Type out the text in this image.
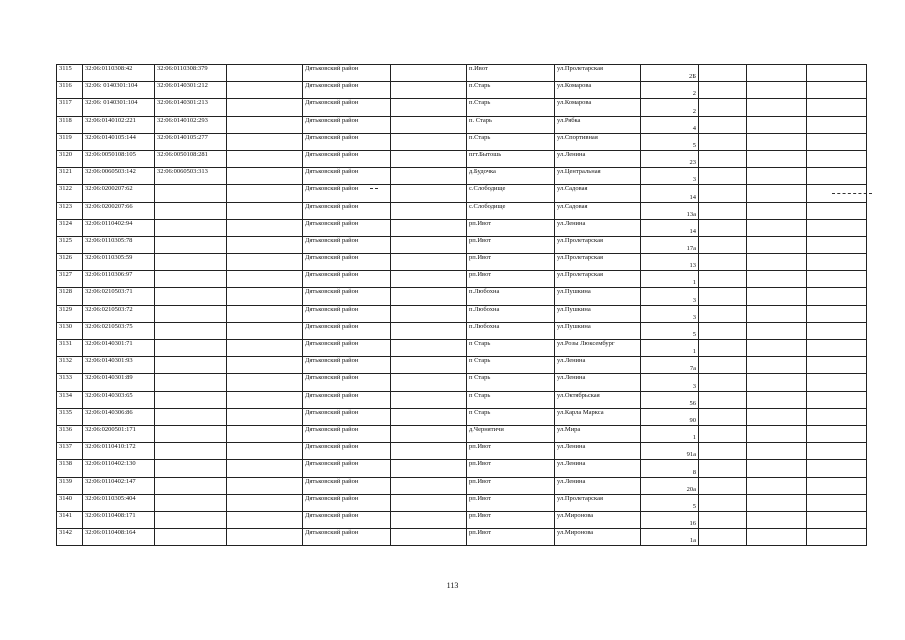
3115	32:06:0110308:42	32:06:0110308:379		Дятьковский район		п.Ивот	ул.Пролетарская	2Б			
3116	32:06: 0140301:104	32:06:0140301:212		Дятьковский район		п.Старь	ул.Комарова	2			
3117	32:06: 0140301:104	32:06:0140301:213		Дятьковский район		п.Старь	ул.Комарова	2			
3118	32:06:0140102:221	32:06:0140102:293		Дятьковский район		п. Старь	ул.Рябка	4			
3119	32:06:0140105:144	32:06:0140105:277		Дятьковский район		п.Старь	ул.Спортивная	5			
3120	32:06:0050108:105	32:06:0050108:281		Дятьковский район		пгт.Бытошь	ул.Ленина	23			
3121	32:06:0060503:142	32:06:0060503:313		Дятьковский район		д.Будочка	ул.Центральная	3			
3122	32:06:0200207:62			Дятьковский район		с.Слободище	ул.Садовая	14			
3123	32:06:0200207:66			Дятьковский район		с.Слободище	ул.Садовая	13а			
3124	32:06:0110402:94			Дятьковский район		рп.Ивот	ул.Ленина	14			
3125	32:06:0110305:78			Дятьковский район		рп.Ивот	ул.Пролетарская	17а			
3126	32:06:0110305:59			Дятьковский район		рп.Ивот	ул.Пролетарская	13			
3127	32:06:0110306:97			Дятьковский район		рп.Ивот	ул.Пролетарская	1			
3128	32:06:0210503:71			Дятьковский район		п.Любохна	ул.Пушкина	3			
3129	32:06:0210503:72			Дятьковский район		п.Любохна	ул.Пушкина	3			
3130	32:06:0210503:75			Дятьковский район		п.Любохна	ул.Пушкина	5			
3131	32:06:0140301:71			Дятьковский район		п Старь	ул.Розы Люксембург	1			
3132	32:06:0140301:93			Дятьковский район		п Старь	ул.Ленина	7а			
3133	32:06:0140301:89			Дятьковский район		п Старь	ул.Ленина	3			
3134	32:06:0140303:65			Дятьковский район		п Старь	ул.Октябрьская	56			
3135	32:06:0140306:86			Дятьковский район		п Старь	ул.Карла Маркса	90			
3136	32:06:0200501:171			Дятьковский район		д.Чернятичи	ул.Мира	1			
3137	32:06:0110410:172			Дятьковский район		рп.Ивот	ул.Ленина	91а			
3138	32:06:0110402:130			Дятьковский район		рп.Ивот	ул.Ленина	8			
3139	32:06:0110402:147			Дятьковский район		рп.Ивот	ул.Ленина	20а			
3140	32:06:0110305:404			Дятьковский район		рп.Ивот	ул.Пролетарская	5			
3141	32:06:0110408:171			Дятьковский район		рп.Ивот	ул.Миронова	16			
3142	32:06:0110408:164			Дятьковский район		рп.Ивот	ул.Миронова	1а			
113
